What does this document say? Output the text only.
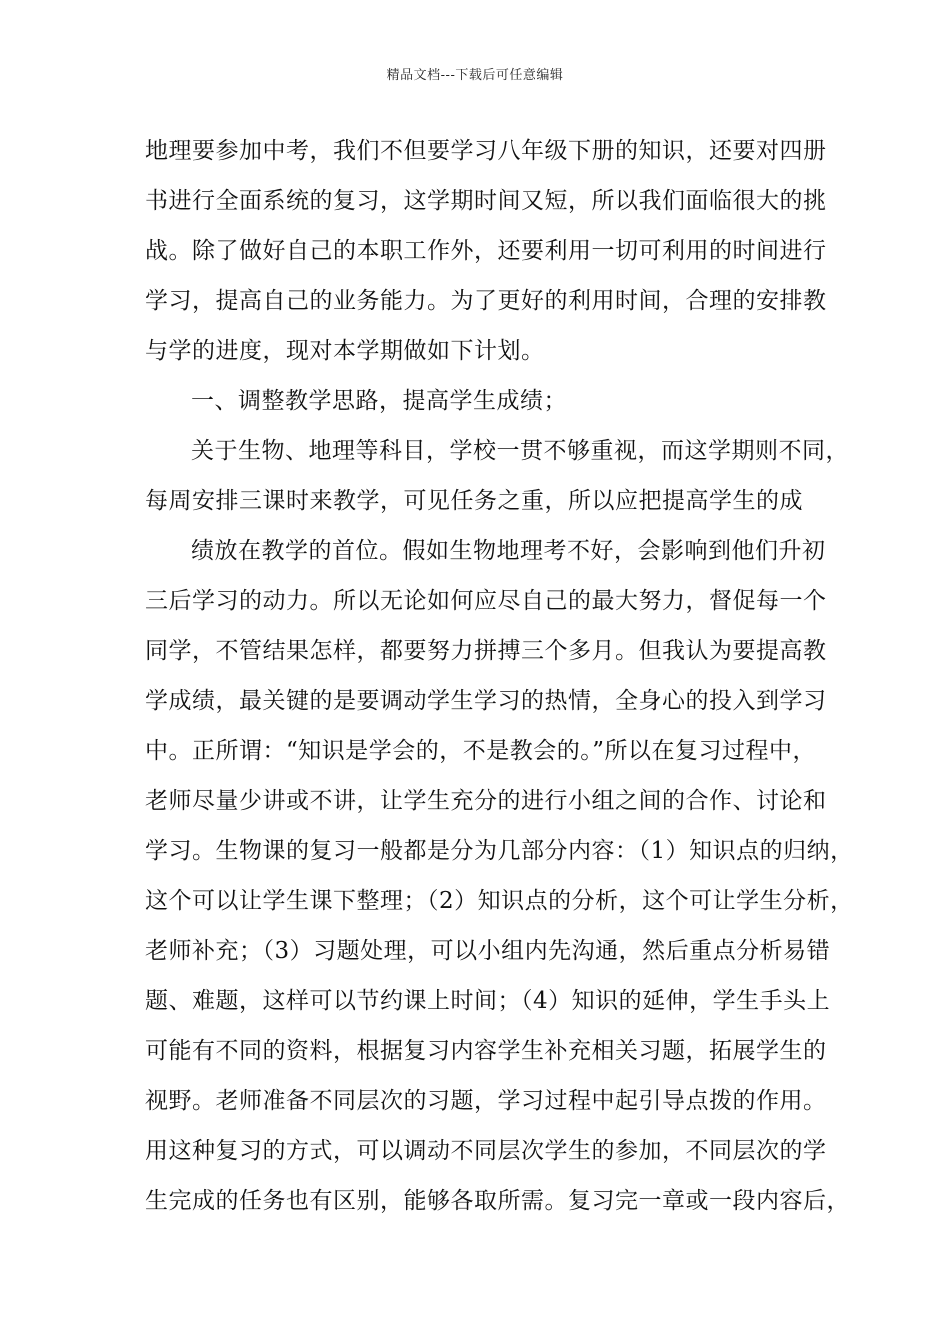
精品文档---下载后可任意编辑
地理要参加中考，我们不但要学习八年级下册的知识，还要对四册
书进行全面系统的复习，这学期时间又短，所以我们面临很大的挑
战。除了做好自己的本职工作外，还要利用一切可利用的时间进行
学习，提高自己的业务能力。为了更好的利用时间，合理的安排教
与学的进度，现对本学期做如下计划。
一、调整教学思路，提高学生成绩；
关于生物、地理等科目，学校一贯不够重视，而这学期则不同，
每周安排三课时来教学，可见任务之重，所以应把提高学生的成
绩放在教学的首位。假如生物地理考不好，会影响到他们升初
三后学习的动力。所以无论如何应尽自己的最大努力，督促每一个
同学，不管结果怎样，都要努力拼搏三个多月。但我认为要提高教
学成绩，最关键的是要调动学生学习的热情，全身心的投入到学习
中。正所谓：“知识是学会的，不是教会的。”所以在复习过程中，
老师尽量少讲或不讲，让学生充分的进行小组之间的合作、讨论和
学习。生物课的复习一般都是分为几部分内容：（1）知识点的归纳，
这个可以让学生课下整理；（2）知识点的分析，这个可让学生分析，
老师补充；（3）习题处理，可以小组内先沟通，然后重点分析易错
题、难题，这样可以节约课上时间；（4）知识的延伸，学生手头上
可能有不同的资料，根据复习内容学生补充相关习题，拓展学生的
视野。老师准备不同层次的习题，学习过程中起引导点拨的作用。
用这种复习的方式，可以调动不同层次学生的参加，不同层次的学
生完成的任务也有区别，能够各取所需。复习完一章或一段内容后，
